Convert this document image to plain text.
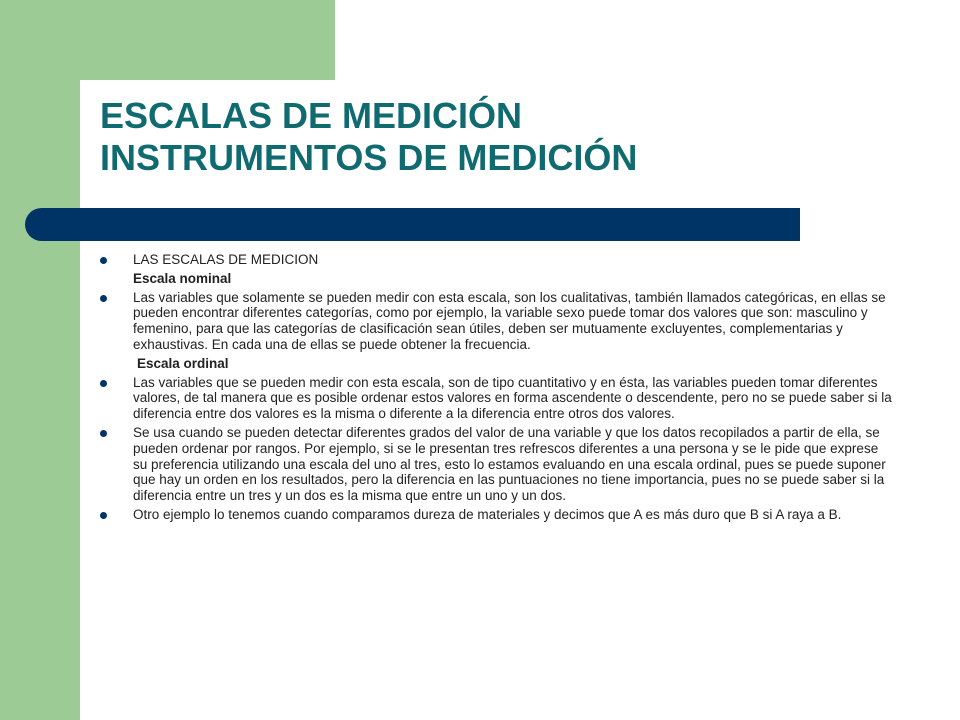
ESCALAS DE MEDICIÓN
INSTRUMENTOS DE MEDICIÓN
LAS ESCALAS DE MEDICION
Escala nominal
Las variables que solamente se pueden medir con esta escala, son los cualitativas, también llamados categóricas, en ellas se pueden encontrar diferentes categorías, como por ejemplo, la variable sexo puede tomar dos valores que son: masculino y femenino, para que las categorías de clasificación sean útiles, deben ser mutuamente excluyentes, complementarias y exhaustivas. En cada una de ellas se puede obtener la frecuencia.
Escala ordinal
Las variables que se pueden medir con esta escala, son de tipo cuantitativo y en ésta, las variables pueden tomar diferentes valores, de tal manera que es posible ordenar estos valores en forma ascendente o descendente, pero no se puede saber si la diferencia entre dos valores es la misma o diferente a la diferencia entre otros dos valores.
Se usa cuando se pueden detectar diferentes grados del valor de una variable y que los datos recopilados a partir de ella, se pueden ordenar por rangos. Por ejemplo, si se le presentan tres refrescos diferentes a una persona y se le pide que exprese su preferencia utilizando una escala del uno al tres, esto lo estamos evaluando en una escala ordinal, pues se puede suponer que hay un orden en los resultados, pero la diferencia en las puntuaciones no tiene importancia, pues no se puede saber si la diferencia entre un tres y un dos es la misma que entre un uno y un dos.
Otro ejemplo lo tenemos cuando comparamos dureza de materiales y decimos que A es más duro que B si A raya a B.
